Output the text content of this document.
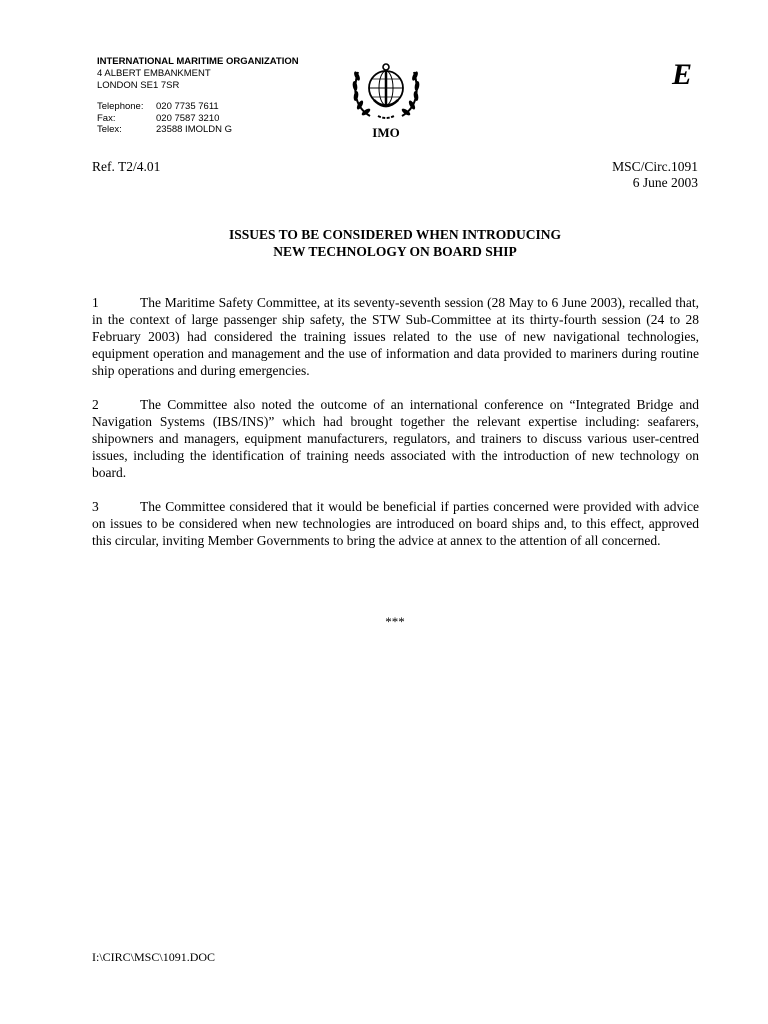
INTERNATIONAL MARITIME ORGANIZATION
4 ALBERT EMBANKMENT
LONDON SE1 7SR
Telephone:	020 7735 7611
Fax:	020 7587 3210
Telex:	23588 IMOLDN G	IMO
E
Ref. T2/4.01	MSC/Circ.1091
6 June 2003
ISSUES TO BE CONSIDERED WHEN INTRODUCING
NEW TECHNOLOGY ON BOARD SHIP

1	The Maritime Safety Committee, at its seventy-seventh session (28 May to 6 June 2003), recalled that, in the context of large passenger ship safety, the STW Sub-Committee at its thirty-fourth session (24 to 28 February 2003) had considered the training issues related to the use of new navigational technologies, equipment operation and management and the use of information and data provided to mariners during routine ship operations and during emergencies.

2	The Committee also noted the outcome of an international conference on “Integrated Bridge and Navigation Systems (IBS/INS)” which had brought together the relevant expertise including: seafarers, shipowners and managers, equipment manufacturers, regulators, and trainers to discuss various user-centred issues, including the identification of training needs associated with the introduction of new technology on board.

3	The Committee considered that it would be beneficial if parties concerned were provided with advice on issues to be considered when new technologies are introduced on board ships and, to this effect, approved this circular, inviting Member Governments to bring the advice at annex to the attention of all concerned.

***
I:\CIRC\MSC\1091.DOC
